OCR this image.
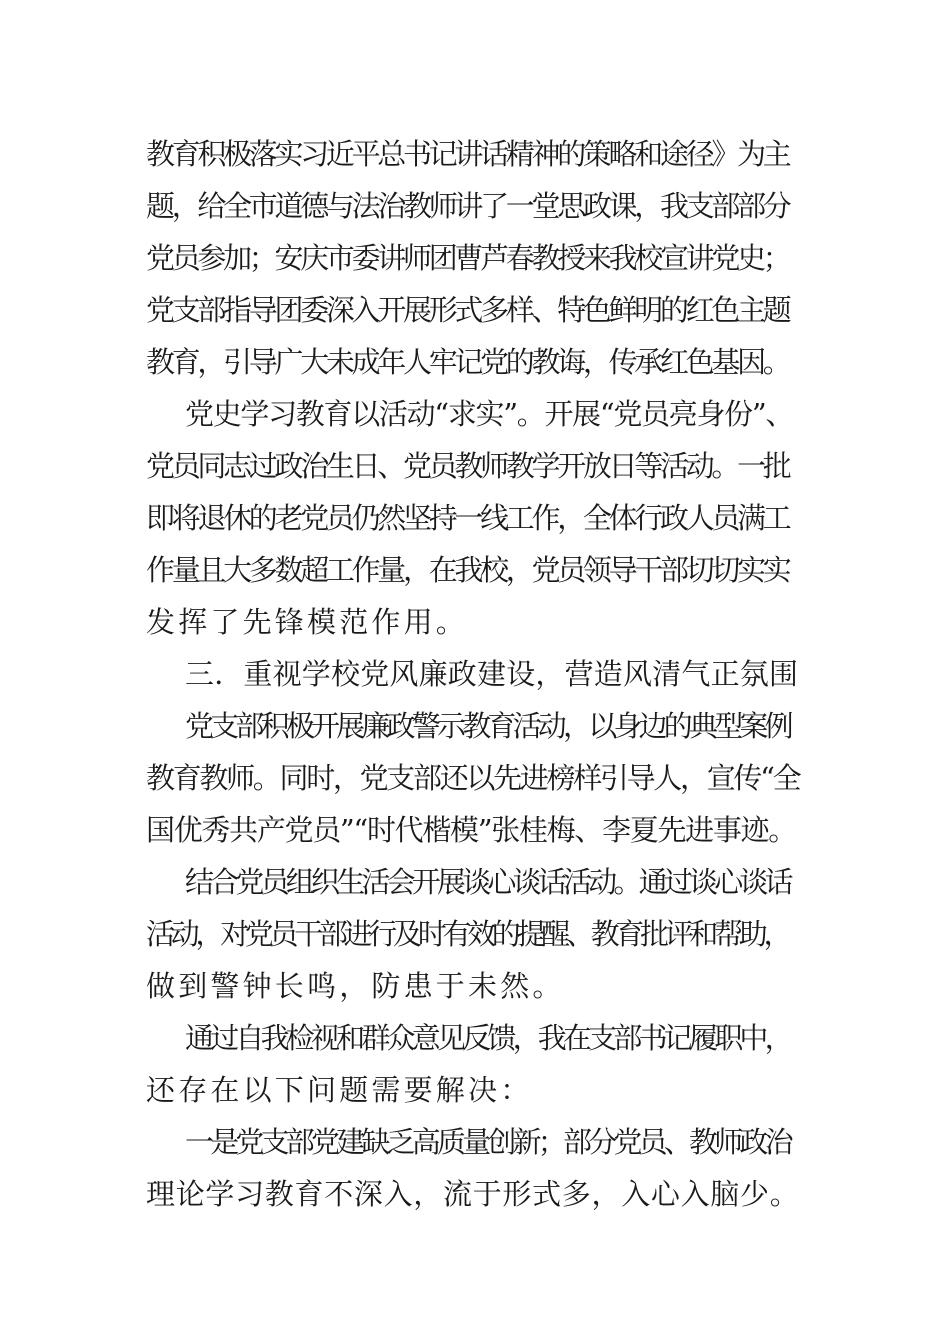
教育积极落实习近平总书记讲话精神的策略和途径》为主
题，给全市道德与法治教师讲了一堂思政课，我支部部分
党员参加；安庆市委讲师团曹芦春教授来我校宣讲党史；
党支部指导团委深入开展形式多样、特色鲜明的红色主题
教育，引导广大未成年人牢记党的教诲，传承红色基因。
党史学习教育以活动“求实”。开展“党员亮身份”、
党员同志过政治生日、党员教师教学开放日等活动。一批
即将退休的老党员仍然坚持一线工作，全体行政人员满工
作量且大多数超工作量，在我校，党员领导干部切切实实
发挥了先锋模范作用。
三．重视学校党风廉政建设，营造风清气正氛围
党支部积极开展廉政警示教育活动，以身边的典型案例
教育教师。同时，党支部还以先进榜样引导人，宣传“全
国优秀共产党员”“时代楷模”张桂梅、李夏先进事迹。
结合党员组织生活会开展谈心谈话活动。通过谈心谈话
活动，对党员干部进行及时有效的提醒、教育批评和帮助，
做到警钟长鸣，防患于未然。
通过自我检视和群众意见反馈，我在支部书记履职中，
还存在以下问题需要解决：
一是党支部党建缺乏高质量创新；部分党员、教师政治
理论学习教育不深入，流于形式多，入心入脑少。
